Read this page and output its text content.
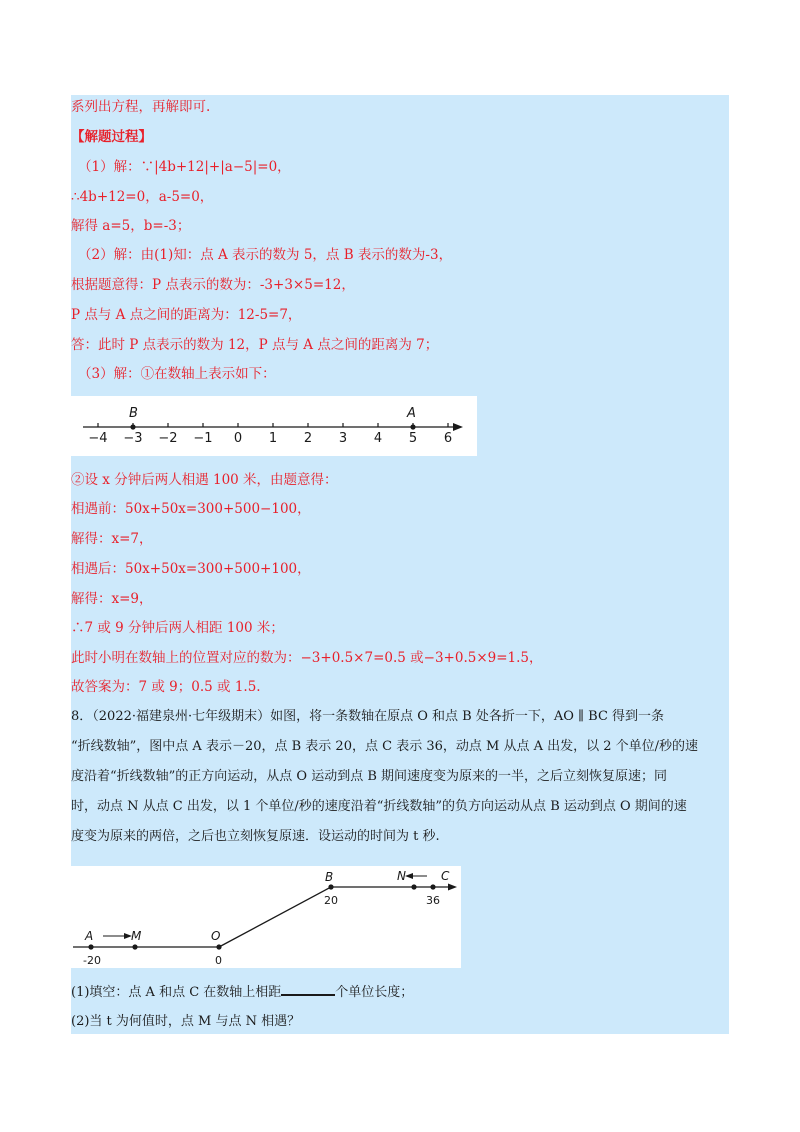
系列出方程，再解即可.
【解题过程】
（1）解：∵|4b+12|+|a−5|=0，
∴4b+12=0，a-5=0，
解得 a=5，b=-3；
（2）解：由(1)知：点 A 表示的数为 5，点 B 表示的数为-3，
根据题意得：P 点表示的数为：-3+3×5=12，
P 点与 A 点之间的距离为：12-5=7，
答：此时 P 点表示的数为 12，P 点与 A 点之间的距离为 7；
（3）解：①在数轴上表示如下：
−4 −3 −2 −1 0 1 2 3 4 5 6
B	A
②设 x 分钟后两人相遇 100 米，由题意得：
相遇前：50x+50x=300+500−100，
解得：x=7，
相遇后：50x+50x=300+500+100，
解得：x=9，
∴7 或 9 分钟后两人相距 100 米；
此时小明在数轴上的位置对应的数为：−3+0.5×7=0.5 或−3+0.5×9=1.5，
故答案为：7 或 9；0.5 或 1.5.
8．（2022·福建泉州·七年级期末）如图，将一条数轴在原点 O 和点 B 处各折一下，AO ∥ BC 得到一条
“折线数轴”，图中点 A 表示－20，点 B 表示 20，点 C 表示 36，动点 M 从点 A 出发，以 2 个单位/秒的速
度沿着“折线数轴”的正方向运动，从点 O 运动到点 B 期间速度变为原来的一半，之后立刻恢复原速；同
时，动点 N 从点 C 出发，以 1 个单位/秒的速度沿着“折线数轴”的负方向运动从点 B 运动到点 O 期间的速
度变为原来的两倍，之后也立刻恢复原速．设运动的时间为 t 秒.
A	M	O
B	N	C
-20	0
20	36
(1)填空：点 A 和点 C 在数轴上相距	个单位长度；
(2)当 t 为何值时，点 M 与点 N 相遇？
